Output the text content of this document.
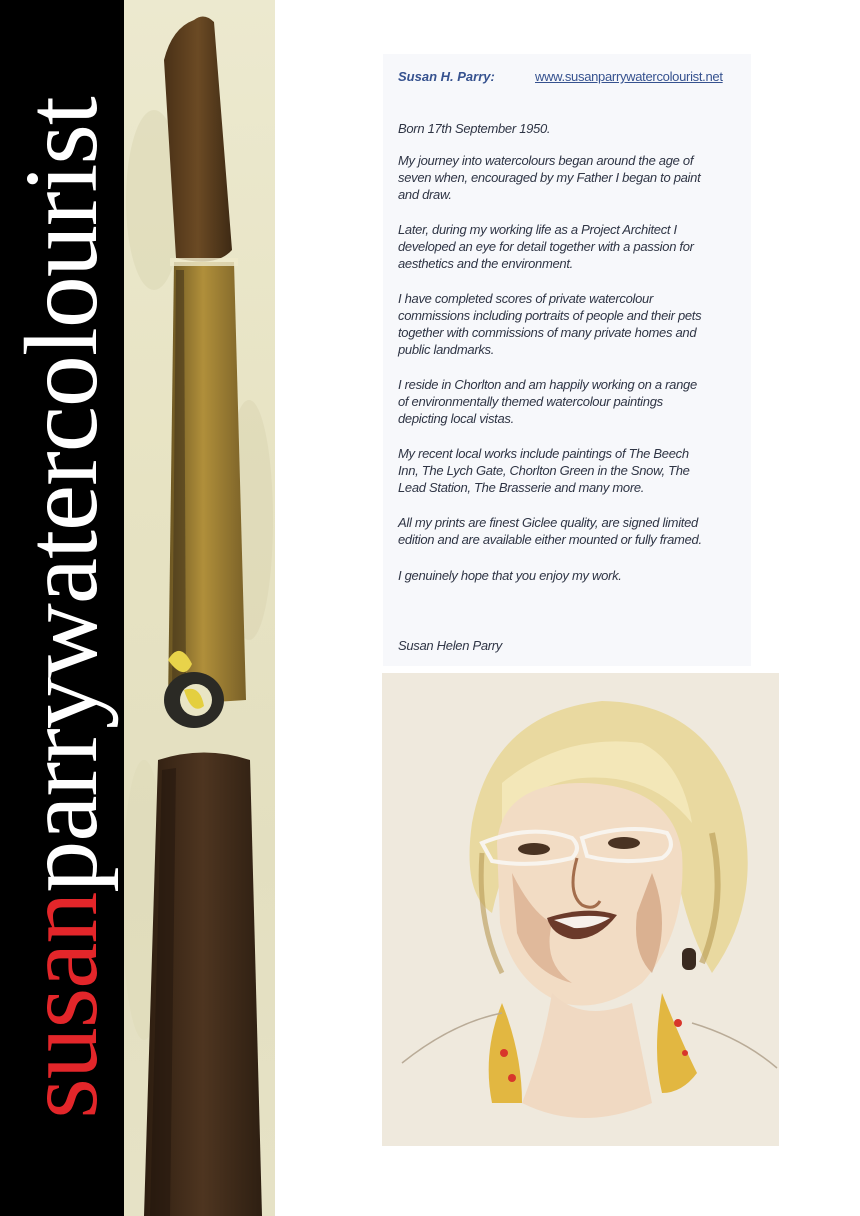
susanparrywatercolourist
Susan H. Parry:	www.susanparrywatercolourist.net
Born 17th September 1950.
My journey into watercolours began around the age of
seven when, encouraged by my Father I began to paint
and draw.
Later, during my working life as a Project Architect I
developed an eye for detail together with a passion for
aesthetics and the environment.
I have completed scores of private watercolour
commissions including portraits of people and their pets
together with commissions of many private homes and
public landmarks.
I reside in Chorlton and am happily working on a range
of environmentally themed watercolour paintings
depicting local vistas.
My recent local works include paintings of The Beech
Inn, The Lych Gate, Chorlton Green in the Snow, The
Lead Station, The Brasserie and many more.
All my prints are finest Giclee quality, are signed limited
edition and are available either mounted or fully framed.
I genuinely hope that you enjoy my work.
Susan Helen Parry
